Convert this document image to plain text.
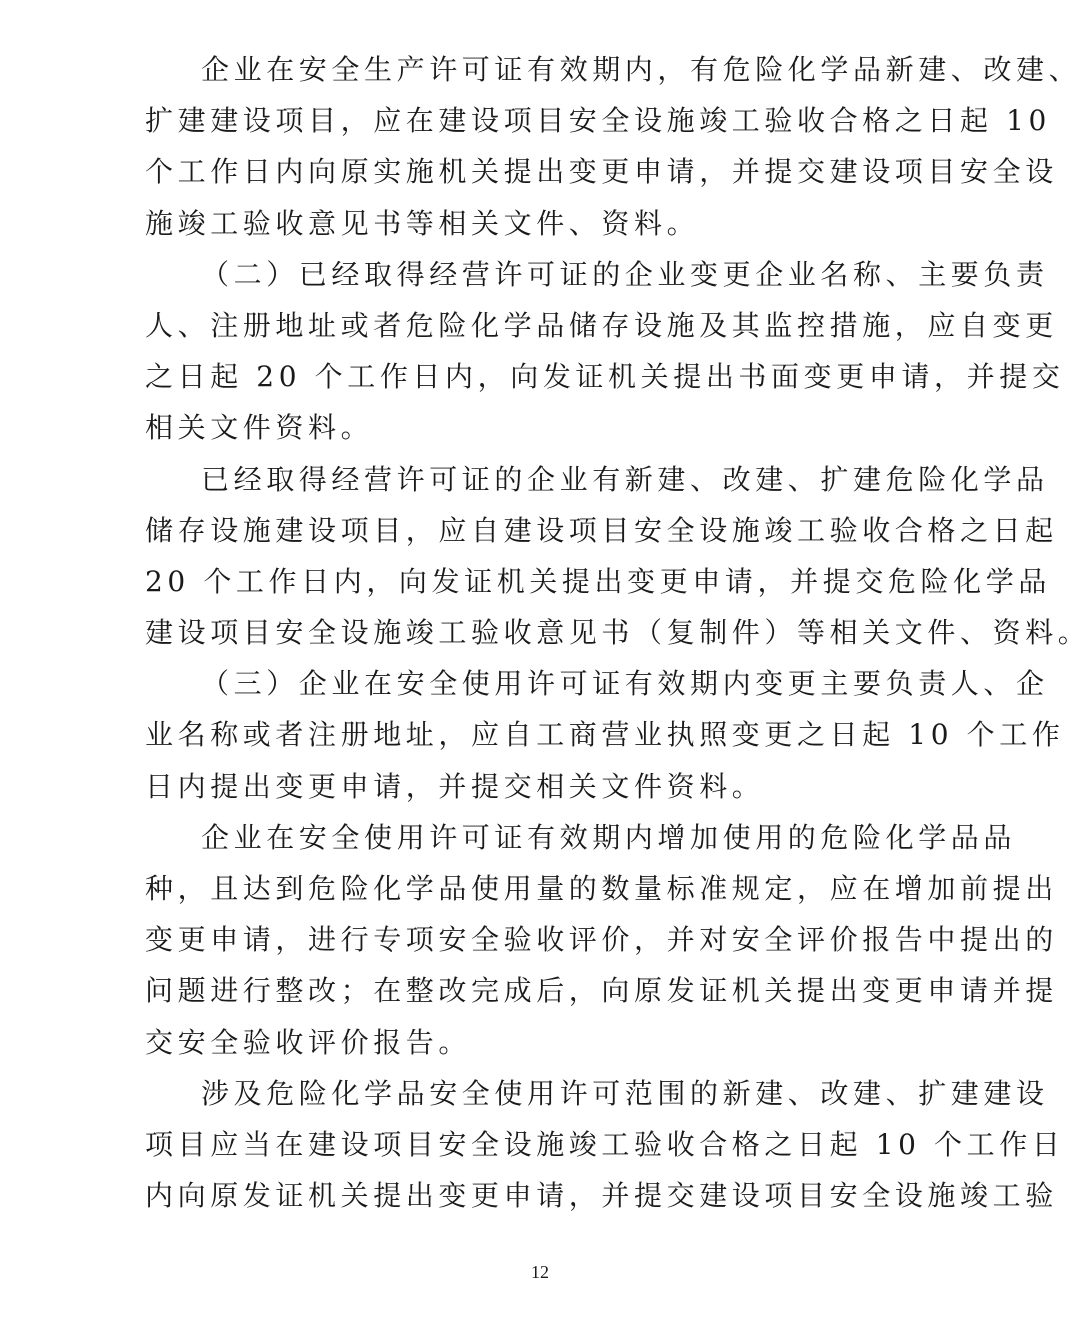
企业在安全生产许可证有效期内，有危险化学品新建、改建、
扩建建设项目，应在建设项目安全设施竣工验收合格之日起 10
个工作日内向原实施机关提出变更申请，并提交建设项目安全设
施竣工验收意见书等相关文件、资料。
（二）已经取得经营许可证的企业变更企业名称、主要负责
人、注册地址或者危险化学品储存设施及其监控措施，应自变更
之日起 20 个工作日内，向发证机关提出书面变更申请，并提交
相关文件资料。
已经取得经营许可证的企业有新建、改建、扩建危险化学品
储存设施建设项目，应自建设项目安全设施竣工验收合格之日起
20 个工作日内，向发证机关提出变更申请，并提交危险化学品
建设项目安全设施竣工验收意见书（复制件）等相关文件、资料。
（三）企业在安全使用许可证有效期内变更主要负责人、企
业名称或者注册地址，应自工商营业执照变更之日起 10 个工作
日内提出变更申请，并提交相关文件资料。
企业在安全使用许可证有效期内增加使用的危险化学品品
种，且达到危险化学品使用量的数量标准规定，应在增加前提出
变更申请，进行专项安全验收评价，并对安全评价报告中提出的
问题进行整改；在整改完成后，向原发证机关提出变更申请并提
交安全验收评价报告。
涉及危险化学品安全使用许可范围的新建、改建、扩建建设
项目应当在建设项目安全设施竣工验收合格之日起 10 个工作日
内向原发证机关提出变更申请，并提交建设项目安全设施竣工验
12
